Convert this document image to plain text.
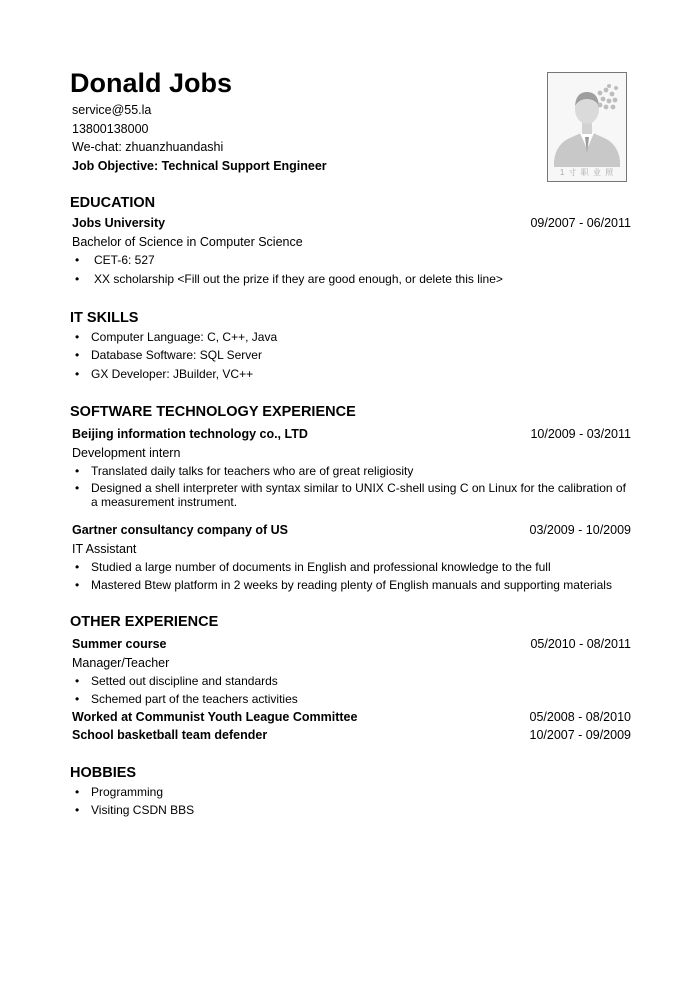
Donald Jobs
service@55.la
13800138000
We-chat: zhuanzhuandashi
Job Objective: Technical Support Engineer	1 寸 职 业 照
EDUCATION
Jobs University	09/2007 - 06/2011
Bachelor of Science in Computer Science
• CET-6: 527
• XX scholarship <Fill out the prize if they are good enough, or delete this line>
IT SKILLS
• Computer Language: C, C++, Java
• Database Software: SQL Server
• GX Developer: JBuilder, VC++
SOFTWARE TECHNOLOGY EXPERIENCE
Beijing information technology co., LTD	10/2009 - 03/2011
Development intern
• Translated daily talks for teachers who are of great religiosity
• Designed a shell interpreter with syntax similar to UNIX C-shell using C on Linux for the calibration of a measurement instrument.
Gartner consultancy company of US	03/2009 - 10/2009
IT Assistant
• Studied a large number of documents in English and professional knowledge to the full
• Mastered Btew platform in 2 weeks by reading plenty of English manuals and supporting materials
OTHER EXPERIENCE
Summer course	05/2010 - 08/2011
Manager/Teacher
• Setted out discipline and standards
• Schemed part of the teachers activities
Worked at Communist Youth League Committee	05/2008 - 08/2010
School basketball team defender	10/2007 - 09/2009
HOBBIES
• Programming
• Visiting CSDN BBS
